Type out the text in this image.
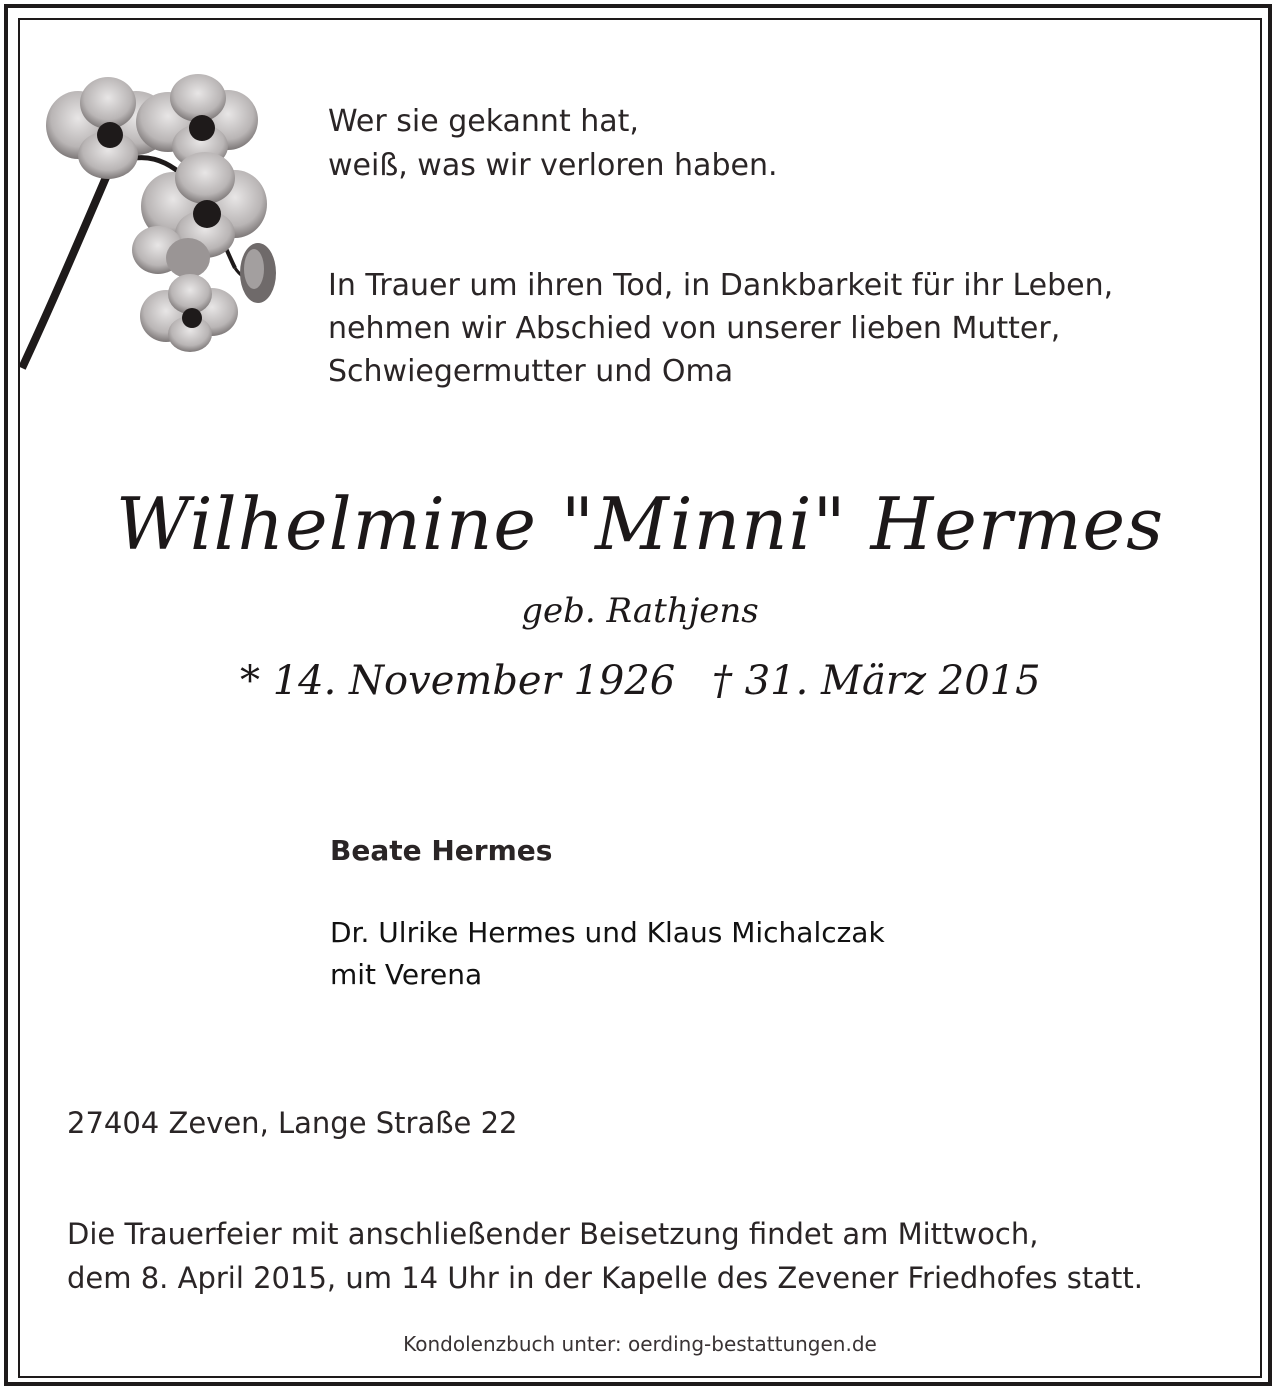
Wer sie gekannt hat,
weiß, was wir verloren haben.
In Trauer um ihren Tod, in Dankbarkeit für ihr Leben,
nehmen wir Abschied von unserer lieben Mutter,
Schwiegermutter und Oma
Wilhelmine "Minni" Hermes
geb. Rathjens
* 14. November 1926 † 31. März 2015
Beate Hermes
Dr. Ulrike Hermes und Klaus Michalczak
mit Verena
27404 Zeven, Lange Straße 22
Die Trauerfeier mit anschließender Beisetzung findet am Mittwoch,
dem 8. April 2015, um 14 Uhr in der Kapelle des Zevener Friedhofes statt.
Kondolenzbuch unter: oerding-bestattungen.de
